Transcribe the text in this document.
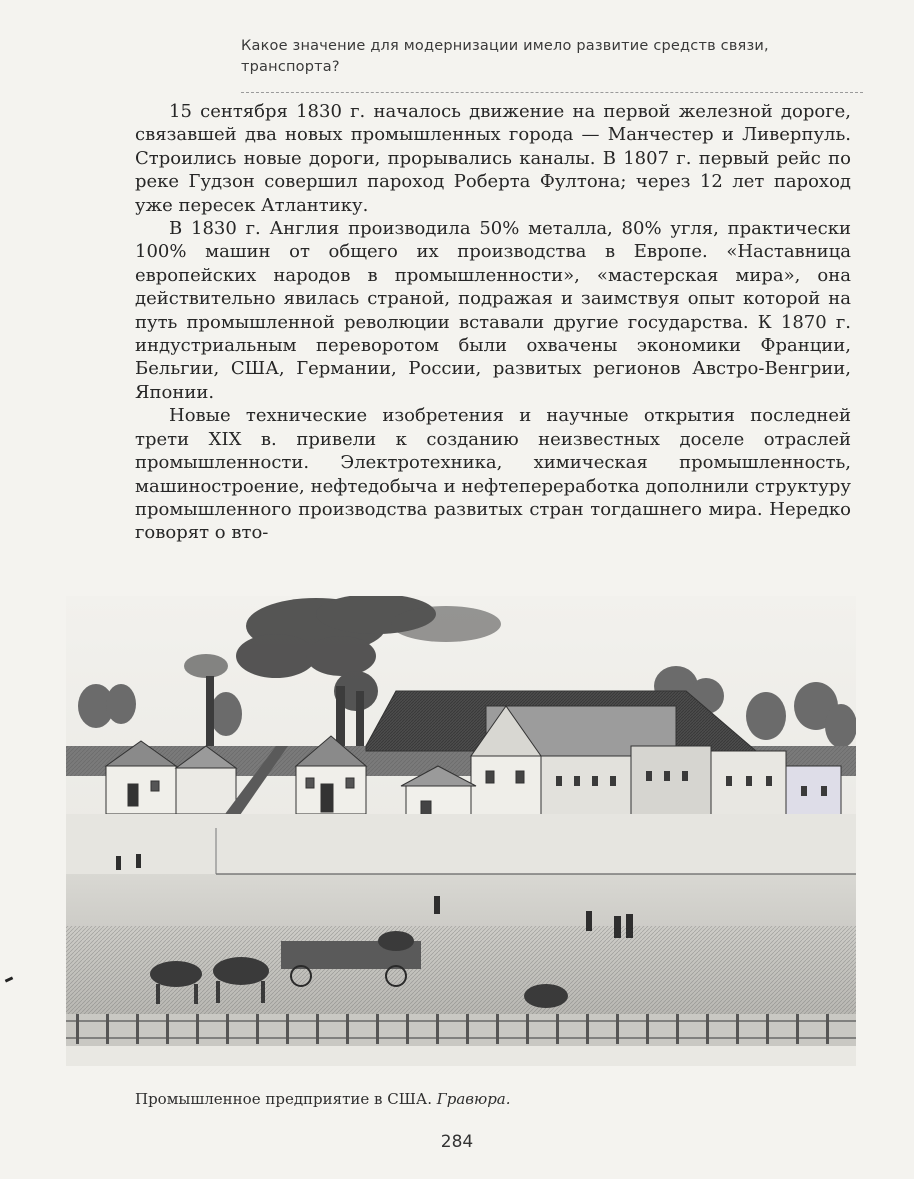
Какое значение для модернизации имело развитие средств связи, транспорта?

15 сентября 1830 г. началось движение на первой железной дороге, связавшей два новых промышленных города — Манчестер и Ливерпуль. Строились новые дороги, прорывались каналы. В 1807 г. первый рейс по реке Гудзон совершил пароход Роберта Фултона; через 12 лет пароход уже пересек Атлантику.

В 1830 г. Англия производила 50% металла, 80% угля, практически 100% машин от общего их производства в Европе. «Наставница европейских народов в промышленности», «мастерская мира», она действительно явилась страной, подражая и заимствуя опыт которой на путь промышленной революции вставали другие государства. К 1870 г. индустриальным переворотом были охвачены экономики Франции, Бельгии, США, Германии, России, развитых регионов Австро-Венгрии, Японии.

Новые технические изобретения и научные открытия последней трети XIX в. привели к созданию неизвестных доселе отраслей промышленности. Электротехника, химическая промышленность, машиностроение, нефтедобыча и нефтепереработка дополнили структуру промышленного производства развитых стран тогдашнего мира. Нередко говорят о вто-

Промышленное предприятие в США. Гравюра.
284
